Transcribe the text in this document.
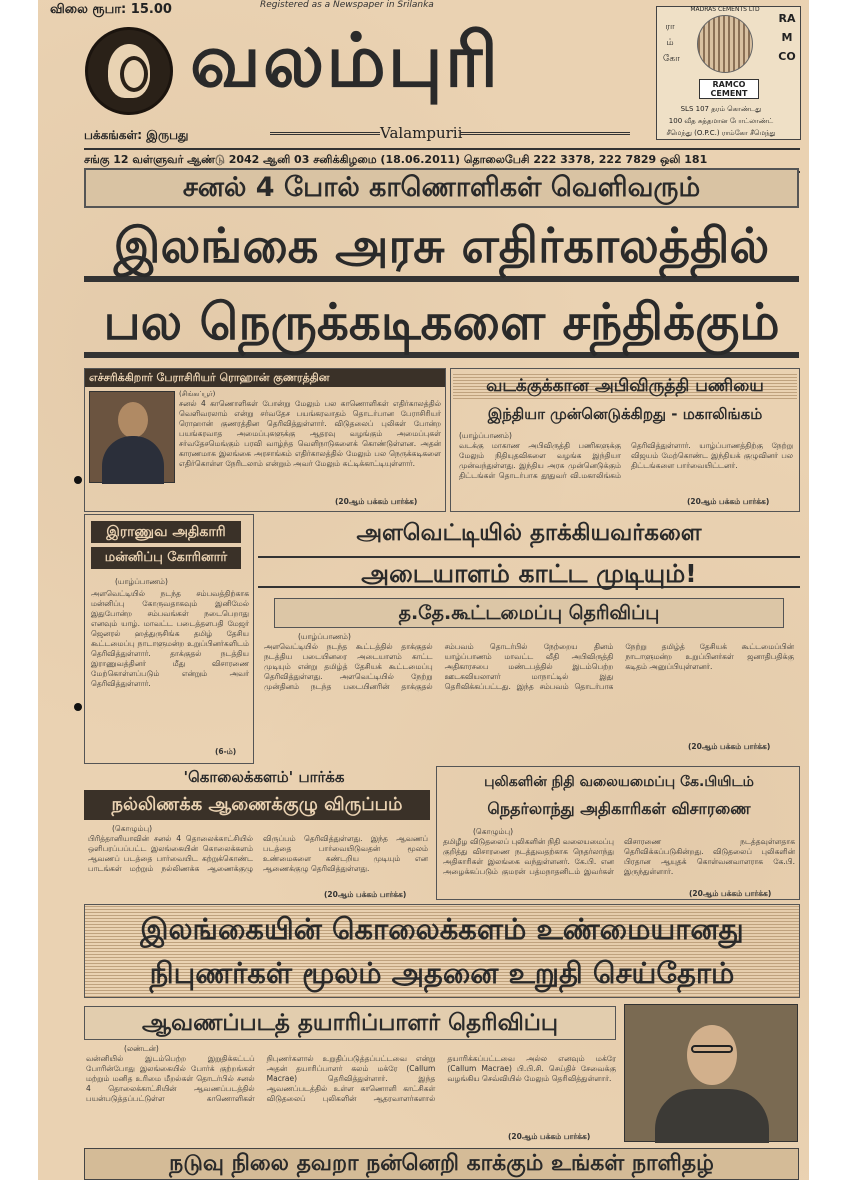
விலை ரூபா: 15.00	Registered as a Newspaper in Srilanka
வலம்புரி
பக்கங்கள்: இருபது	Valampurii
ரா
ம்
கோ
RAMCO
RAMCO CEMENT
MADRAS CEMENTS LTD
SLS 107 தரம் கொண்டது
100 வீத சுத்தமான போட்லாண்ட்
சீமெந்து (O.P.C.) ராம்கோ சீமெந்து
சங்கு 12 வள்ளுவர் ஆண்டு 2042 ஆனி 03 சனிக்கிழமை (18.06.2011) தொலைபேசி 222 3378, 222 7829 ஒலி 181
சனல் 4 போல் காணொளிகள் வெளிவரும்
இலங்கை அரசு எதிர்காலத்தில்
பல நெருக்கடிகளை சந்திக்கும்
எச்சரிக்கிறார் பேராசிரியர் ரொஹான் குணரத்தின
(சிங்கப்பூர்)
சனல் 4 காணொளிகள் போன்று மேலும் பல காணொளிகள் எதிர்காலத்தில் வெளிவரலாம் என்று சர்வதேச பயங்கரவாதம் தொடர்பான பேராசிரியர் ரொஹான் குணரத்தின தெரிவித்துள்ளார். விடுதலைப் புலிகள் போன்ற பயங்கரவாத அமைப்புகளுக்கு ஆதரவு வழங்கும் அமைப்புகள் சர்வதேசமெங்கும் பரவி வாழ்ந்த வெளிநாடுகளைக் கொண்டுள்ளன. அதன் காரணமாக இலங்கை அரசாங்கம் எதிர்காலத்தில் மேலும் பல நெருக்கடிகளை எதிர்கொள்ள நேரிடலாம் என்றும் அவர் மேலும் சுட்டிக்காட்டியுள்ளார்.
(20ஆம் பக்கம் பார்க்க)
வடக்குக்கான அபிவிருத்தி பணியை
இந்தியா முன்னெடுக்கிறது - மகாலிங்கம்
(யாழ்ப்பாணம்)
வடக்கு மாகாண அபிவிருத்தி பணிகளுக்கு மேலும் நிதியுதவிகளை வழங்க இந்தியா முன்வந்துள்ளது. இந்திய அரசு முன்னெடுக்கும் திட்டங்கள் தொடர்பாக தூதுவர் வி.மகாலிங்கம் தெரிவித்துள்ளார். யாழ்ப்பாணத்திற்கு நேற்று விஜயம் மேற்கொண்ட இந்தியக் குழுவினர் பல திட்டங்களை பார்வையிட்டனர்.
(20ஆம் பக்கம் பார்க்க)
இராணுவ அதிகாரி
மன்னிப்பு கோரினார்
(யாழ்ப்பாணம்)
அளவெட்டியில் நடந்த சம்பவத்திற்காக மன்னிப்பு கோருவதாகவும் இனிமேல் இதுபோன்ற சம்பவங்கள் நடைபெறாது எனவும் யாழ். மாவட்ட படைத்தளபதி மேஜர் ஜெனரல் ஹத்துருசிங்க தமிழ் தேசிய கூட்டமைப்பு நாடாளுமன்ற உறுப்பினர்களிடம் தெரிவித்துள்ளார். தாக்குதல் நடத்திய இராணுவத்தினர் மீது விசாரணை மேற்கொள்ளப்படும் என்றும் அவர் தெரிவித்துள்ளார்.
(6-ம்)
அளவெட்டியில் தாக்கியவர்களை
அடையாளம் காட்ட முடியும்!
த.தே.கூட்டமைப்பு தெரிவிப்பு
(யாழ்ப்பாணம்)
அளவெட்டியில் நடந்த கூட்டத்தில் தாக்குதல் நடத்திய படையினரை அடையாளம் காட்ட முடியும் என்று தமிழ்த் தேசியக் கூட்டமைப்பு தெரிவித்துள்ளது. அளவெட்டியில் நேற்று முன்தினம் நடந்த படையினரின் தாக்குதல் சம்பவம் தொடர்பில் நேற்றைய தினம் யாழ்ப்பாணம் மாவட்ட வீதி அபிவிருத்தி அதிகாரசபை மண்டபத்தில் இடம்பெற்ற ஊடகவியலாளர் மாநாட்டில் இது தெரிவிக்கப்பட்டது. இந்த சம்பவம் தொடர்பாக நேற்று தமிழ்த் தேசியக் கூட்டமைப்பின் நாடாளுமன்ற உறுப்பினர்கள் ஜனாதிபதிக்கு கடிதம் அனுப்பியுள்ளனர்.
(20ஆம் பக்கம் பார்க்க)
'கொலைக்களம்' பார்க்க
நல்லிணக்க ஆணைக்குழு விருப்பம்
(கொழும்பு)
பிரித்தானியாவின் சனல் 4 தொலைக்காட்சியில் ஒளிபரப்பப்பட்ட இலங்கையின் கொலைக்களம் ஆவணப் படத்தை பார்வையிட கற்றுக்கொண்ட பாடங்கள் மற்றும் நல்லிணக்க ஆணைக்குழு விருப்பம் தெரிவித்துள்ளது. இந்த ஆவணப் படத்தை பார்வையிடுவதன் மூலம் உண்மைகளை கண்டறிய முடியும் என ஆணைக்குழு தெரிவித்துள்ளது.
(20ஆம் பக்கம் பார்க்க)
புலிகளின் நிதி வலையமைப்பு கே.பியிடம்
நெதர்லாந்து அதிகாரிகள் விசாரணை
(கொழும்பு)
தமிழீழ விடுதலைப் புலிகளின் நிதி வலையமைப்பு குறித்து விசாரணை நடத்துவதற்காக நெதர்லாந்து அதிகாரிகள் இலங்கை வந்துள்ளனர். கே.பி. என அழைக்கப்படும் குமரன் பத்மநாதனிடம் இவர்கள் விசாரணை நடத்தவுள்ளதாக தெரிவிக்கப்படுகின்றது. விடுதலைப் புலிகளின் பிரதான ஆயுதக் கொள்வனவாளராக கே.பி. இருந்துள்ளார்.
(20ஆம் பக்கம் பார்க்க)
இலங்கையின் கொலைக்களம் உண்மையானது
நிபுணர்கள் மூலம் அதனை உறுதி செய்தோம்
ஆவணப்படத் தயாரிப்பாளர் தெரிவிப்பு
(லண்டன்)
வன்னியில் இடம்பெற்ற இறுதிக்கட்டப் போரின்போது இலங்கையில் போர்க் குற்றங்கள் மற்றும் மனித உரிமை மீறல்கள் தொடர்பில் சனல் 4 தொலைக்காட்சியின் ஆவணப்படத்தில் பயன்படுத்தப்பட்டுள்ள காணொளிகள் நிபுணர்களால் உறுதிப்படுத்தப்பட்டவை என்று அதன் தயாரிப்பாளர் கலம் மக்ரே (Callum Macrae) தெரிவித்துள்ளார். இந்த ஆவணப்படத்தில் உள்ள காணொளி காட்சிகள் விடுதலைப் புலிகளின் ஆதரவாளர்களால் தயாரிக்கப்பட்டவை அல்ல எனவும் மக்ரே (Callum Macrae) பி.பி.சி. செய்திச் சேவைக்கு வழங்கிய செவ்வியில் மேலும் தெரிவித்துள்ளார்.
(20ஆம் பக்கம் பார்க்க)
நடுவு நிலை தவறா நன்னெறி காக்கும் உங்கள் நாளிதழ்
